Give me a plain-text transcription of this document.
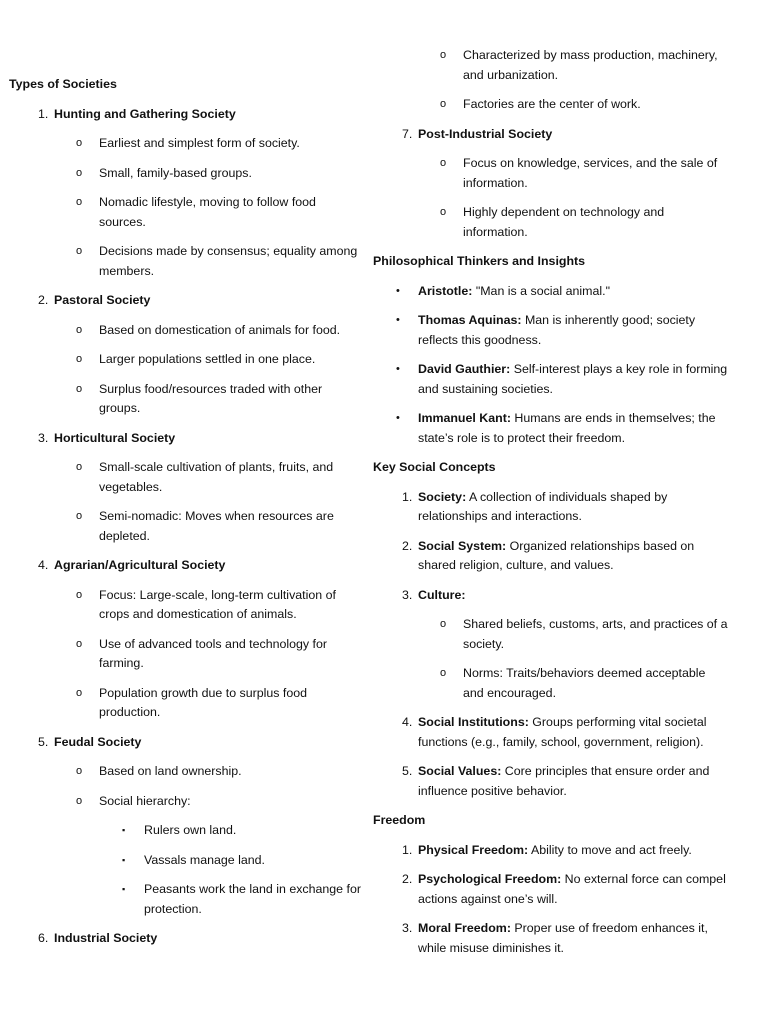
Types of Societies
1. Hunting and Gathering Society
o	Earliest and simplest form of society.
o	Small, family-based groups.
o	Nomadic lifestyle, moving to follow food sources.
o	Decisions made by consensus; equality among members.
2. Pastoral Society
o	Based on domestication of animals for food.
o	Larger populations settled in one place.
o	Surplus food/resources traded with other groups.
3. Horticultural Society
o	Small-scale cultivation of plants, fruits, and vegetables.
o	Semi-nomadic: Moves when resources are depleted.
4. Agrarian/Agricultural Society
o	Focus: Large-scale, long-term cultivation of crops and domestication of animals.
o	Use of advanced tools and technology for farming.
o	Population growth due to surplus food production.
5. Feudal Society
o	Based on land ownership.
o	Social hierarchy:
▪	Rulers own land.
▪	Vassals manage land.
▪	Peasants work the land in exchange for protection.
6. Industrial Society
o	Characterized by mass production, machinery, and urbanization.
o	Factories are the center of work.
7. Post-Industrial Society
o	Focus on knowledge, services, and the sale of information.
o	Highly dependent on technology and information.
Philosophical Thinkers and Insights
•	Aristotle: "Man is a social animal."
•	Thomas Aquinas: Man is inherently good; society reflects this goodness.
•	David Gauthier: Self-interest plays a key role in forming and sustaining societies.
•	Immanuel Kant: Humans are ends in themselves; the state’s role is to protect their freedom.
Key Social Concepts
1. Society: A collection of individuals shaped by relationships and interactions.
2. Social System: Organized relationships based on shared religion, culture, and values.
3. Culture:
o	Shared beliefs, customs, arts, and practices of a society.
o	Norms: Traits/behaviors deemed acceptable and encouraged.
4. Social Institutions: Groups performing vital societal functions (e.g., family, school, government, religion).
5. Social Values: Core principles that ensure order and influence positive behavior.
Freedom
1. Physical Freedom: Ability to move and act freely.
2. Psychological Freedom: No external force can compel actions against one’s will.
3. Moral Freedom: Proper use of freedom enhances it, while misuse diminishes it.
